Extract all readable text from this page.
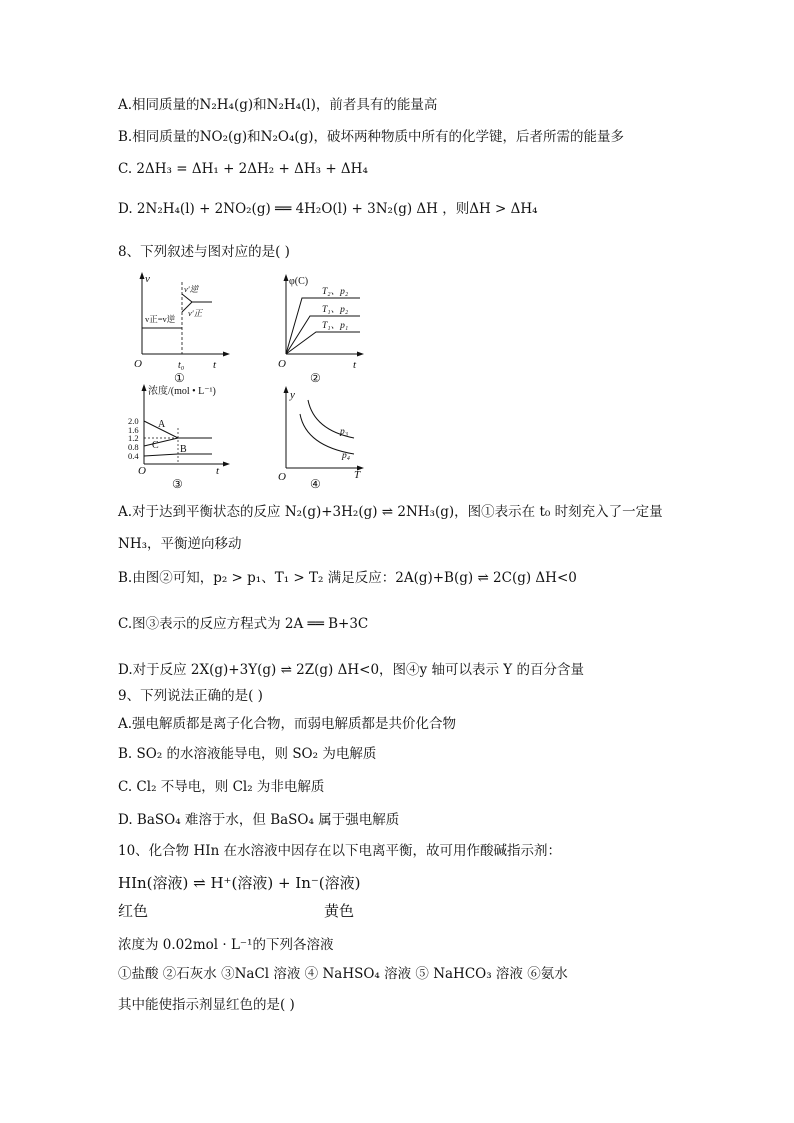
A.相同质量的N₂H₄(g)和N₂H₄(l)，前者具有的能量高
B.相同质量的NO₂(g)和N₂O₄(g)，破坏两种物质中所有的化学键，后者所需的能量多
C. 2ΔH₃ = ΔH₁ + 2ΔH₂ + ΔH₃ + ΔH₄
D. 2N₂H₄(l) + 2NO₂(g) ══ 4H₂O(l) + 3N₂(g) ΔH ，则ΔH > ΔH₄
8、下列叙述与图对应的是( )
v
t
O
v正=v逆
v′逆
v′正
t₀
①
φ(C)
t
O
T₂、p₂
T₁、p₂
T₁、p₁
②
浓度/(mol • L⁻¹)
t
O
2.0
1.6
1.2
0.8
0.4
A
C B
③
y
T
O
p₃
p₄
④
A.对于达到平衡状态的反应 N₂(g)+3H₂(g) ⇌ 2NH₃(g)，图①表示在 t₀ 时刻充入了一定量
NH₃，平衡逆向移动
B.由图②可知，p₂ > p₁、T₁ > T₂ 满足反应：2A(g)+B(g) ⇌ 2C(g) ΔH<0
C.图③表示的反应方程式为 2A ══ B+3C
D.对于反应 2X(g)+3Y(g) ⇌ 2Z(g) ΔH<0，图④y 轴可以表示 Y 的百分含量
9、下列说法正确的是( )
A.强电解质都是离子化合物，而弱电解质都是共价化合物
B. SO₂ 的水溶液能导电，则 SO₂ 为电解质
C. Cl₂ 不导电，则 Cl₂ 为非电解质
D. BaSO₄ 难溶于水，但 BaSO₄ 属于强电解质
10、化合物 HIn 在水溶液中因存在以下电离平衡，故可用作酸碱指示剂：
HIn(溶液) ⇌ H⁺(溶液) + In⁻(溶液)
红色	黄色
浓度为 0.02mol · L⁻¹的下列各溶液
①盐酸 ②石灰水 ③NaCl 溶液 ④ NaHSO₄ 溶液 ⑤ NaHCO₃ 溶液 ⑥氨水
其中能使指示剂显红色的是( )
